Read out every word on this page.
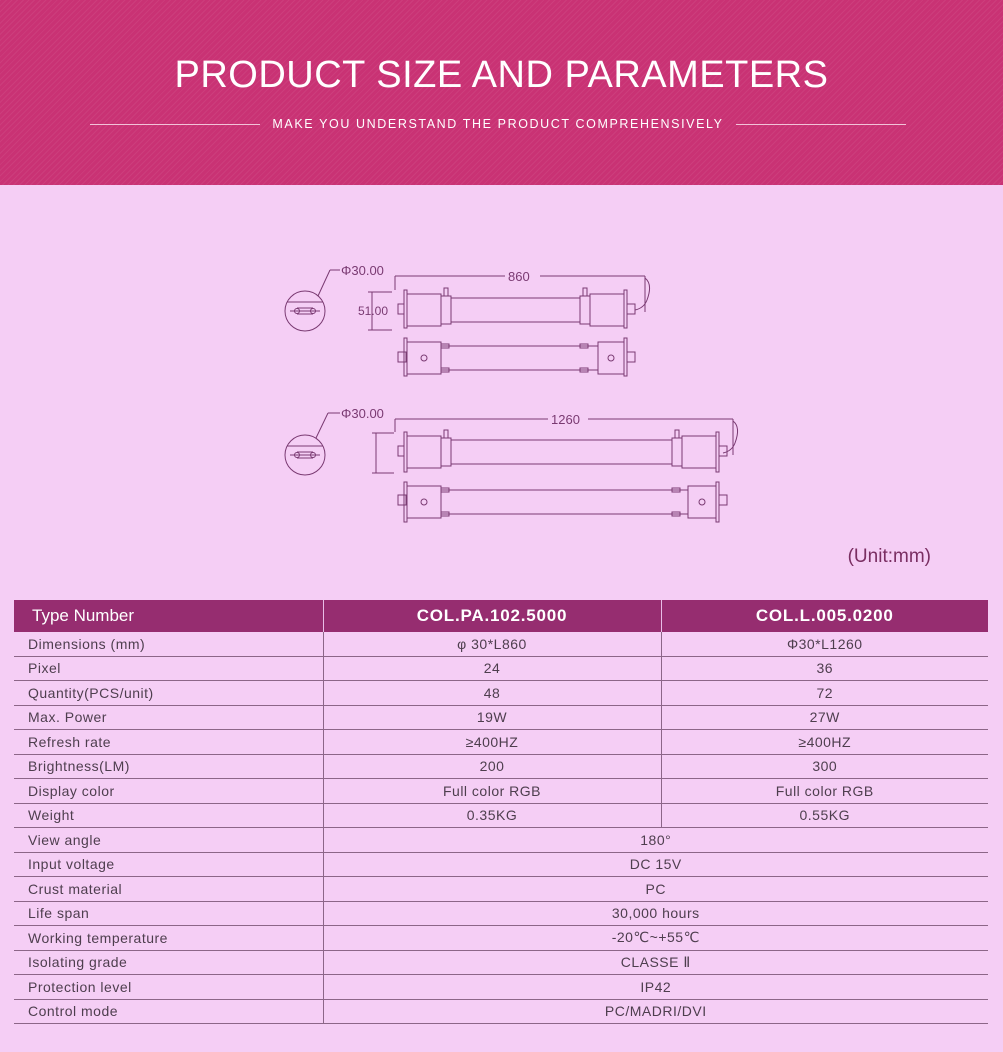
PRODUCT SIZE AND PARAMETERS
MAKE YOU UNDERSTAND THE PRODUCT COMPREHENSIVELY
Φ30.00	860
51.00
Φ30.00	1260
(Unit:mm)
Type Number	COL.PA.102.5000	COL.L.005.0200
Dimensions (mm)	φ 30*L860	Φ30*L1260
Pixel	24	36
Quantity(PCS/unit)	48	72
Max. Power	19W	27W
Refresh rate	≥400HZ	≥400HZ
Brightness(LM)	200	300
Display color	Full color RGB	Full color RGB
Weight	0.35KG	0.55KG
View angle	180°	
Input voltage	DC 15V	
Crust material	PC	
Life span	30,000 hours	
Working temperature	-20℃~+55℃	
Isolating grade	CLASSE Ⅱ	
Protection level	IP42	
Control mode	PC/MADRI/DVI	
